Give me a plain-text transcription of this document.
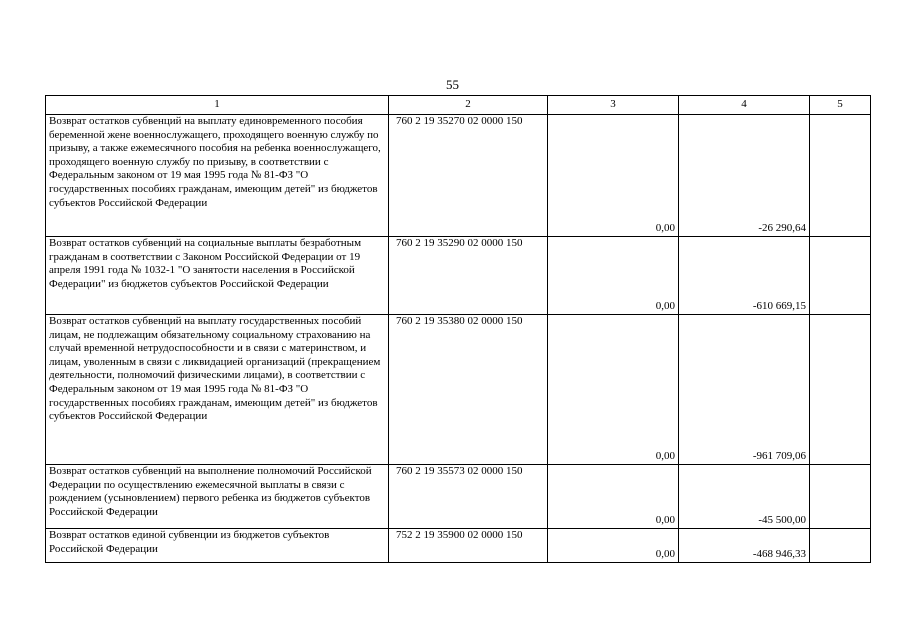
55
1	2	3	4	5
Возврат остатков субвенций на выплату единовременного пособия беременной жене военнослужащего, проходящего военную службу по призыву, а также ежемесячного пособия на ребенка военнослужащего, проходящего военную службу по призыву, в соответствии с Федеральным законом от 19 мая 1995 года № 81-ФЗ "О государственных пособиях гражданам, имеющим детей" из бюджетов субъектов Российской Федерации	760 2 19 35270 02 0000 150	0,00	-26 290,64	
Возврат остатков субвенций на социальные выплаты безработным гражданам в соответствии с Законом Российской Федерации от 19 апреля 1991 года № 1032-1 "О занятости населения в Российской Федерации" из бюджетов субъектов Российской Федерации	760 2 19 35290 02 0000 150	0,00	-610 669,15	
Возврат остатков субвенций на выплату государственных пособий лицам, не подлежащим обязательному социальному страхованию на случай временной нетрудоспособности и в связи с материнством, и лицам, уволенным в связи с ликвидацией организаций (прекращением деятельности, полномочий физическими лицами), в соответствии с Федеральным законом от 19 мая 1995 года № 81-ФЗ "О государственных пособиях гражданам, имеющим детей" из бюджетов субъектов Российской Федерации	760 2 19 35380 02 0000 150	0,00	-961 709,06	
Возврат остатков субвенций на выполнение полномочий Российской Федерации по осуществлению ежемесячной выплаты в связи с рождением (усыновлением) первого ребенка из бюджетов субъектов Российской Федерации	760 2 19 35573 02 0000 150	0,00	-45 500,00	
Возврат остатков единой субвенции из бюджетов субъектов Российской Федерации	752 2 19 35900 02 0000 150	0,00	-468 946,33	
